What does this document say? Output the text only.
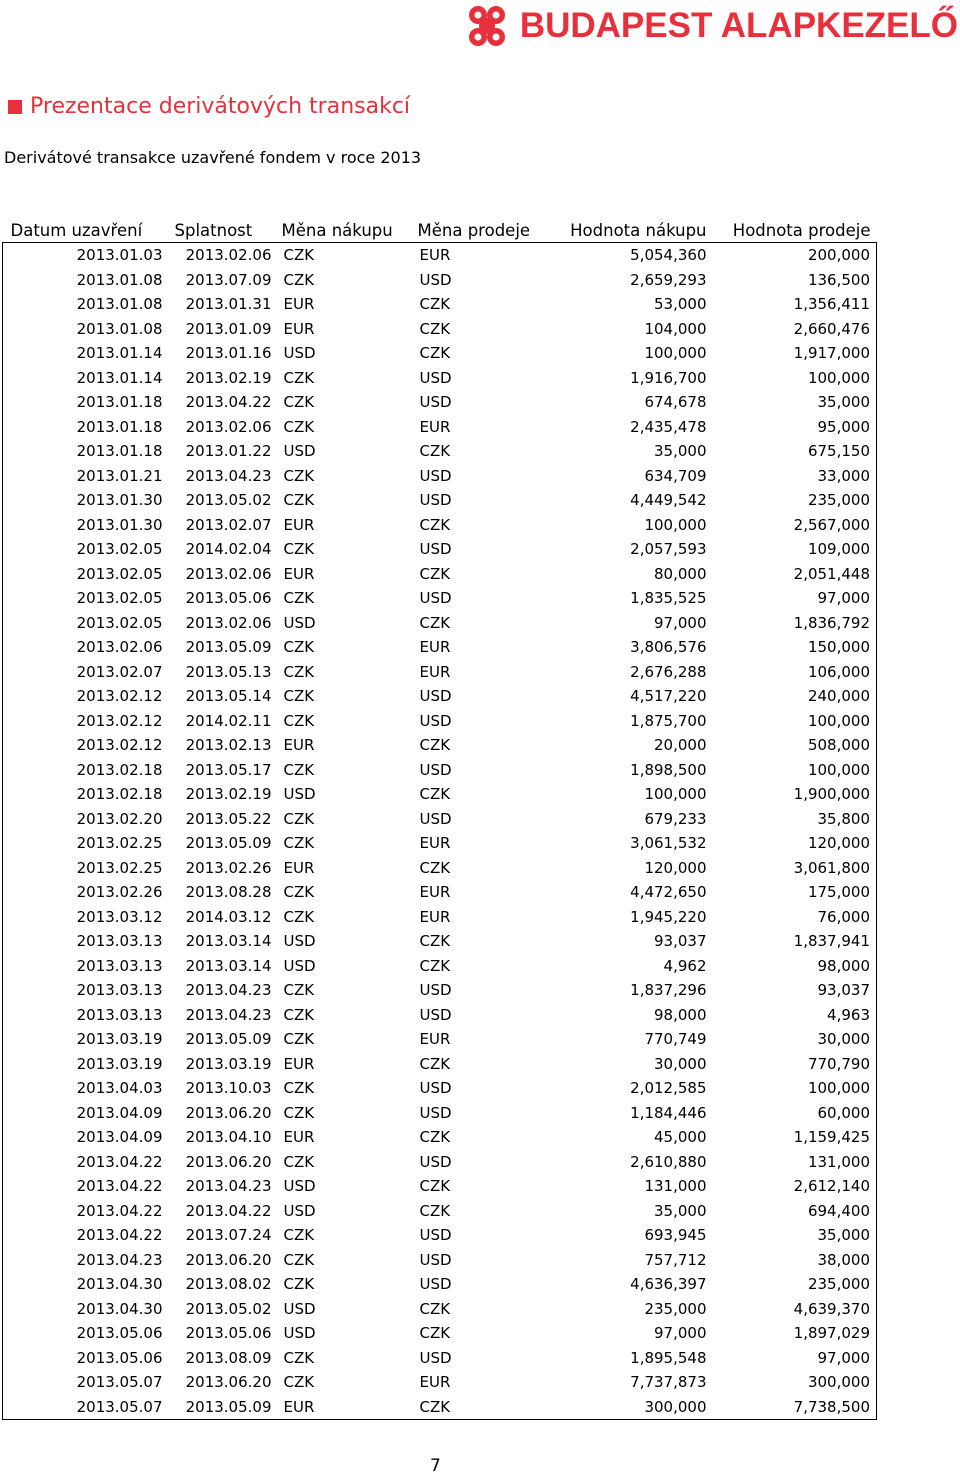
BUDAPEST ALAPKEZELŐ
Prezentace derivátových transakcí
Derivátové transakce uzavřené fondem v roce 2013
Datum uzavření	Splatnost	Měna nákupu	Měna prodeje	Hodnota nákupu	Hodnota prodeje
2013.01.03	2013.02.06	CZK	EUR	5,054,360	200,000
2013.01.08	2013.07.09	CZK	USD	2,659,293	136,500
2013.01.08	2013.01.31	EUR	CZK	53,000	1,356,411
2013.01.08	2013.01.09	EUR	CZK	104,000	2,660,476
2013.01.14	2013.01.16	USD	CZK	100,000	1,917,000
2013.01.14	2013.02.19	CZK	USD	1,916,700	100,000
2013.01.18	2013.04.22	CZK	USD	674,678	35,000
2013.01.18	2013.02.06	CZK	EUR	2,435,478	95,000
2013.01.18	2013.01.22	USD	CZK	35,000	675,150
2013.01.21	2013.04.23	CZK	USD	634,709	33,000
2013.01.30	2013.05.02	CZK	USD	4,449,542	235,000
2013.01.30	2013.02.07	EUR	CZK	100,000	2,567,000
2013.02.05	2014.02.04	CZK	USD	2,057,593	109,000
2013.02.05	2013.02.06	EUR	CZK	80,000	2,051,448
2013.02.05	2013.05.06	CZK	USD	1,835,525	97,000
2013.02.05	2013.02.06	USD	CZK	97,000	1,836,792
2013.02.06	2013.05.09	CZK	EUR	3,806,576	150,000
2013.02.07	2013.05.13	CZK	EUR	2,676,288	106,000
2013.02.12	2013.05.14	CZK	USD	4,517,220	240,000
2013.02.12	2014.02.11	CZK	USD	1,875,700	100,000
2013.02.12	2013.02.13	EUR	CZK	20,000	508,000
2013.02.18	2013.05.17	CZK	USD	1,898,500	100,000
2013.02.18	2013.02.19	USD	CZK	100,000	1,900,000
2013.02.20	2013.05.22	CZK	USD	679,233	35,800
2013.02.25	2013.05.09	CZK	EUR	3,061,532	120,000
2013.02.25	2013.02.26	EUR	CZK	120,000	3,061,800
2013.02.26	2013.08.28	CZK	EUR	4,472,650	175,000
2013.03.12	2014.03.12	CZK	EUR	1,945,220	76,000
2013.03.13	2013.03.14	USD	CZK	93,037	1,837,941
2013.03.13	2013.03.14	USD	CZK	4,962	98,000
2013.03.13	2013.04.23	CZK	USD	1,837,296	93,037
2013.03.13	2013.04.23	CZK	USD	98,000	4,963
2013.03.19	2013.05.09	CZK	EUR	770,749	30,000
2013.03.19	2013.03.19	EUR	CZK	30,000	770,790
2013.04.03	2013.10.03	CZK	USD	2,012,585	100,000
2013.04.09	2013.06.20	CZK	USD	1,184,446	60,000
2013.04.09	2013.04.10	EUR	CZK	45,000	1,159,425
2013.04.22	2013.06.20	CZK	USD	2,610,880	131,000
2013.04.22	2013.04.23	USD	CZK	131,000	2,612,140
2013.04.22	2013.04.22	USD	CZK	35,000	694,400
2013.04.22	2013.07.24	CZK	USD	693,945	35,000
2013.04.23	2013.06.20	CZK	USD	757,712	38,000
2013.04.30	2013.08.02	CZK	USD	4,636,397	235,000
2013.04.30	2013.05.02	USD	CZK	235,000	4,639,370
2013.05.06	2013.05.06	USD	CZK	97,000	1,897,029
2013.05.06	2013.08.09	CZK	USD	1,895,548	97,000
2013.05.07	2013.06.20	CZK	EUR	7,737,873	300,000
2013.05.07	2013.05.09	EUR	CZK	300,000	7,738,500
7
